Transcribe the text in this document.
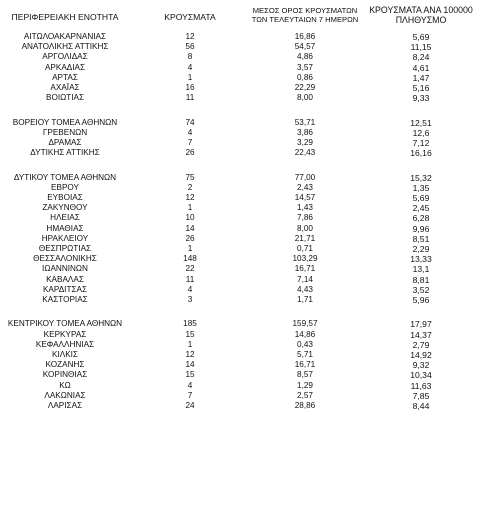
ΠΕΡΙΦΕΡΕΙΑΚΗ ΕΝΟΤΗΤΑ	ΚΡΟΥΣΜΑΤΑ
ΜΕΣΟΣ ΟΡΟΣ ΚΡΟΥΣΜΑΤΩΝ
ΤΩΝ ΤΕΛΕΥΤΑΙΩΝ 7 ΗΜΕΡΩΝ
ΚΡΟΥΣΜΑΤΑ ΑΝΑ 100000
ΠΛΗΘΥΣΜΟ
ΑΙΤΩΛΟΑΚΑΡΝΑΝΙΑΣ	12	16,86	5,69
ΑΝΑΤΟΛΙΚΗΣ ΑΤΤΙΚΗΣ	56	54,57	11,15
ΑΡΓΟΛΙΔΑΣ	8	4,86	8,24
ΑΡΚΑΔΙΑΣ	4	3,57	4,61
ΑΡΤΑΣ	1	0,86	1,47
ΑΧΑΪΑΣ	16	22,29	5,16
ΒΟΙΩΤΙΑΣ	11	8,00	9,33
ΒΟΡΕΙΟΥ ΤΟΜΕΑ ΑΘΗΝΩΝ	74	53,71	12,51
ΓΡΕΒΕΝΩΝ	4	3,86	12,6
ΔΡΑΜΑΣ	7	3,29	7,12
ΔΥΤΙΚΗΣ ΑΤΤΙΚΗΣ	26	22,43	16,16
ΔΥΤΙΚΟΥ ΤΟΜΕΑ ΑΘΗΝΩΝ	75	77,00	15,32
ΕΒΡΟΥ	2	2,43	1,35
ΕΥΒΟΙΑΣ	12	14,57	5,69
ΖΑΚΥΝΘΟΥ	1	1,43	2,45
ΗΛΕΙΑΣ	10	7,86	6,28
ΗΜΑΘΙΑΣ	14	8,00	9,96
ΗΡΑΚΛΕΙΟΥ	26	21,71	8,51
ΘΕΣΠΡΩΤΙΑΣ	1	0,71	2,29
ΘΕΣΣΑΛΟΝΙΚΗΣ	148	103,29	13,33
ΙΩΑΝΝΙΝΩΝ	22	16,71	13,1
ΚΑΒΑΛΑΣ	11	7,14	8,81
ΚΑΡΔΙΤΣΑΣ	4	4,43	3,52
ΚΑΣΤΟΡΙΑΣ	3	1,71	5,96
ΚΕΝΤΡΙΚΟΥ ΤΟΜΕΑ ΑΘΗΝΩΝ	185	159,57	17,97
ΚΕΡΚΥΡΑΣ	15	14,86	14,37
ΚΕΦΑΛΛΗΝΙΑΣ	1	0,43	2,79
ΚΙΛΚΙΣ	12	5,71	14,92
ΚΟΖΑΝΗΣ	14	16,71	9,32
ΚΟΡΙΝΘΙΑΣ	15	8,57	10,34
ΚΩ	4	1,29	11,63
ΛΑΚΩΝΙΑΣ	7	2,57	7,85
ΛΑΡΙΣΑΣ	24	28,86	8,44
